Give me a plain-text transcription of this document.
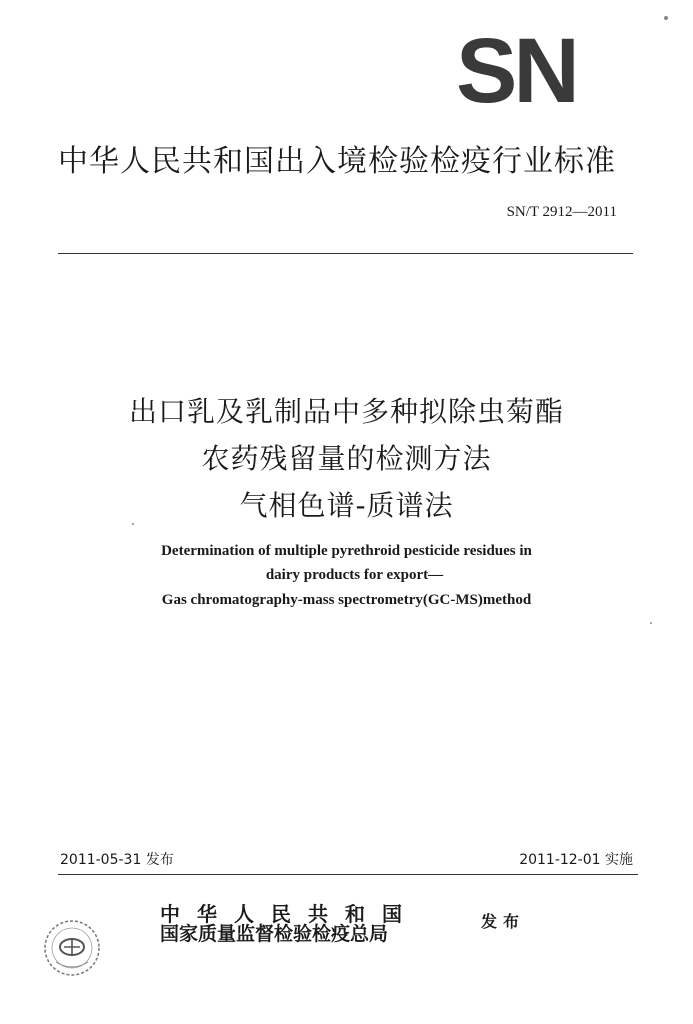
SN
中华人民共和国出入境检验检疫行业标准
SN/T 2912—2011
出口乳及乳制品中多种拟除虫菊酯
农药残留量的检测方法
气相色谱-质谱法
Determination of multiple pyrethroid pesticide residues in
dairy products for export—
Gas chromatography-mass spectrometry(GC-MS)method
2011-05-31 发布	2011-12-01 实施
中华人民共和国
国家质量监督检验检疫总局
发布
